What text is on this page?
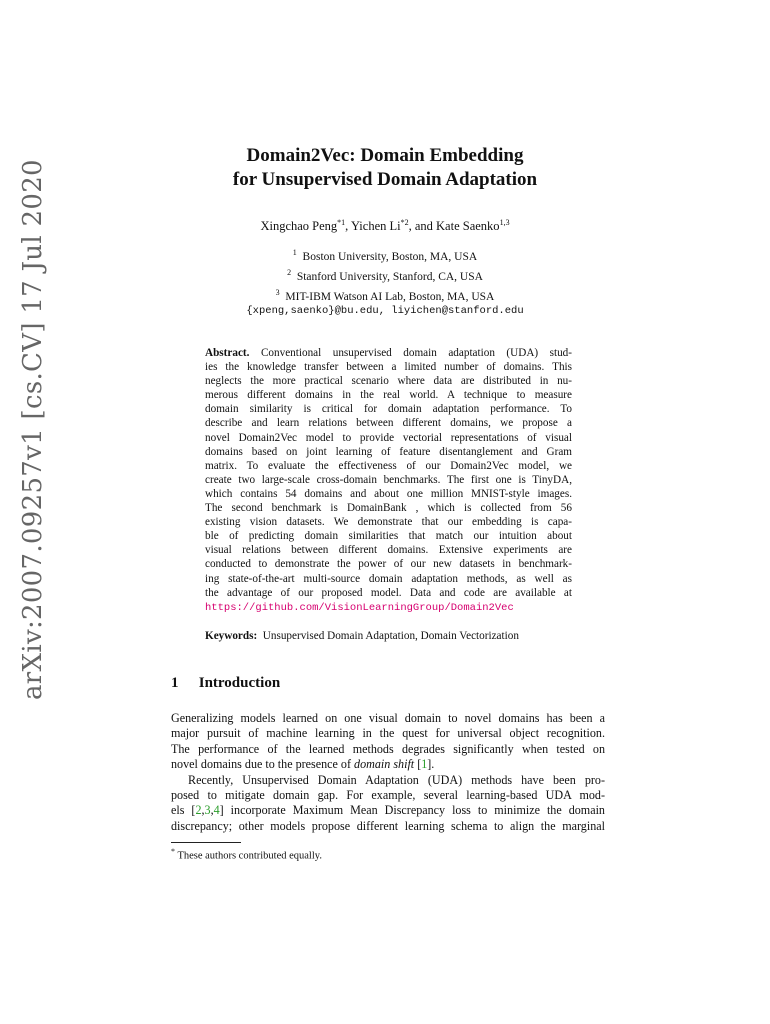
arXiv:2007.09257v1 [cs.CV] 17 Jul 2020
Domain2Vec: Domain Embedding
for Unsupervised Domain Adaptation
Xingchao Peng$^{*1}$, Yichen Li$^{*2}$, and Kate Saenko$^{1,3}$
$^1$ Boston University, Boston, MA, USA
$^2$ Stanford University, Stanford, CA, USA
$^3$ MIT-IBM Watson AI Lab, Boston, MA, USA
{xpeng,saenko}@bu.edu, liyichen@stanford.edu
Abstract. Conventional unsupervised domain adaptation (UDA) stud-
ies the knowledge transfer between a limited number of domains. This
neglects the more practical scenario where data are distributed in nu-
merous different domains in the real world. A technique to measure
domain similarity is critical for domain adaptation performance. To
describe and learn relations between different domains, we propose a
novel Domain2Vec model to provide vectorial representations of visual
domains based on joint learning of feature disentanglement and Gram
matrix. To evaluate the effectiveness of our Domain2Vec model, we
create two large-scale cross-domain benchmarks. The first one is TinyDA,
which contains 54 domains and about one million MNIST-style images.
The second benchmark is DomainBank , which is collected from 56
existing vision datasets. We demonstrate that our embedding is capa-
ble of predicting domain similarities that match our intuition about
visual relations between different domains. Extensive experiments are
conducted to demonstrate the power of our new datasets in benchmark-
ing state-of-the-art multi-source domain adaptation methods, as well as
the advantage of our proposed model. Data and code are available at
https://github.com/VisionLearningGroup/Domain2Vec
Keywords: Unsupervised Domain Adaptation, Domain Vectorization
1 Introduction
Generalizing models learned on one visual domain to novel domains has been a
major pursuit of machine learning in the quest for universal object recognition.
The performance of the learned methods degrades significantly when tested on
novel domains due to the presence of domain shift [1].
Recently, Unsupervised Domain Adaptation (UDA) methods have been pro-
posed to mitigate domain gap. For example, several learning-based UDA mod-
els [2,3,4] incorporate Maximum Mean Discrepancy loss to minimize the domain
discrepancy; other models propose different learning schema to align the marginal
* These authors contributed equally.
